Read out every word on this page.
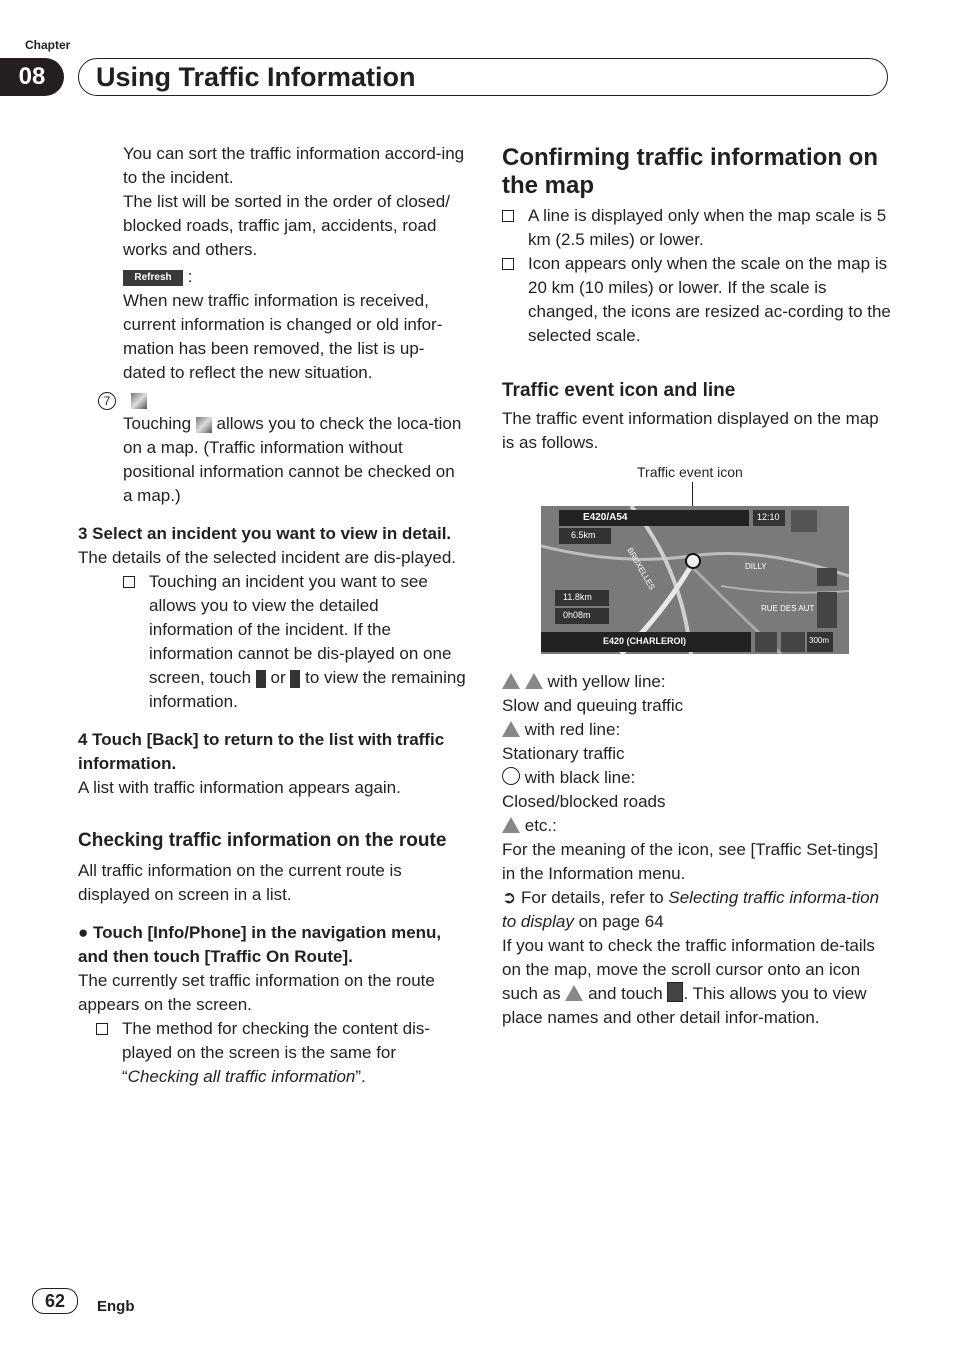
Chapter
08	Using Traffic Information

You can sort the traffic information accord-ing to the incident.

The list will be sorted in the order of closed/ blocked roads, traffic jam, accidents, road works and others.

Refresh :

When new traffic information is received, current information is changed or old infor-mation has been removed, the list is up-dated to reflect the new situation.

7

Touching allows you to check the loca-tion on a map. (Traffic information without positional information cannot be checked on a map.)

3 Select an incident you want to view in detail.

The details of the selected incident are dis-played.

Touching an incident you want to see allows you to view the detailed information of the incident. If the information cannot be dis-played on one screen, touch or to view the remaining information.

4 Touch [Back] to return to the list with traffic information.

A list with traffic information appears again.

Checking traffic information on the route

All traffic information on the current route is displayed on screen in a list.

● Touch [Info/Phone] in the navigation menu, and then touch [Traffic On Route].

The currently set traffic information on the route appears on the screen.

The method for checking the content dis-played on the screen is the same for “Checking all traffic information”.
Confirming traffic information on the map
A line is displayed only when the map scale is 5 km (2.5 miles) or lower.
Icon appears only when the scale on the map is 20 km (10 miles) or lower. If the scale is changed, the icons are resized ac-cording to the selected scale.
Traffic event icon and line

The traffic event information displayed on the map is as follows.

Traffic event icon
E420/A54
6.5km
12:10
11.8km
0h08m
E420 (CHARLEROI)
BRUXELLES	DILLY
RUE DES AUT
300m

with yellow line:

Slow and queuing traffic

with red line:

Stationary traffic

with black line:

Closed/blocked roads

etc.:

For the meaning of the icon, see [Traffic Set-tings] in the Information menu.

➲ For details, refer to Selecting traffic informa-tion to display on page 64

If you want to check the traffic information de-tails on the map, move the scroll cursor onto an icon such as and touch . This allows you to view place names and other detail infor-mation.

62	Engb
